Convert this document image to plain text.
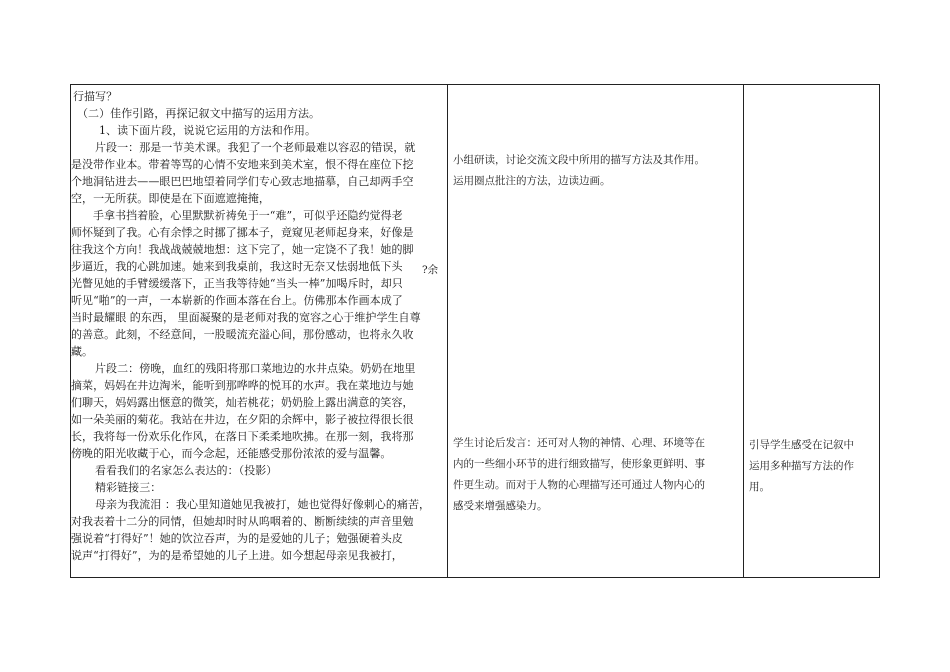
行描写？
（二）佳作引路，再探记叙文中描写的运用方法。
1、读下面片段，说说它运用的方法和作用。
片段一：那是一节美术课。我犯了一个老师最难以容忍的错误，就
是没带作业本。带着等骂的心情不安地来到美术室，恨不得在座位下挖
个地洞钻进去——眼巴巴地望着同学们专心致志地描摹，自己却两手空
空，一无所获。即使是在下面遮遮掩掩，
手拿书挡着脸，心里默默祈祷免于一“难”，可似乎还隐约觉得老
师怀疑到了我。心有余悸之时挪了挪本子，竟窥见老师起身来，好像是
往我这个方向！我战战兢兢地想：这下完了，她一定饶不了我！她的脚
步逼近，我的心跳加速。她来到我桌前，我这时无奈又怯弱地低下头
光瞥见她的手臂缓缓落下，正当我等待她“当头一棒”加喝斥时，却只
听见“啪”的一声，一本崭新的作画本落在台上。仿佛那本作画本成了
当时最耀眼 的东西， 里面凝聚的是老师对我的宽容之心于维护学生自尊
的善意。此刻，不经意间，一股暖流充溢心间，那份感动，也将永久收
藏。
片段二：傍晚，血红的残阳将那口菜地边的水井点染。奶奶在地里
摘菜，妈妈在井边淘米，能听到那哗哗的悦耳的水声。我在菜地边与她
们聊天，妈妈露出惬意的微笑，灿若桃花；奶奶脸上露出满意的笑容，
如一朵美丽的菊花。我站在井边，在夕阳的余辉中，影子被拉得很长很
长，我将每一份欢乐化作风，在落日下柔柔地吹拂。在那一刻，我将那
傍晚的阳光收藏于心，而今念起，还能感受那份浓浓的爱与温馨。
看看我们的名家怎么表达的：（投影）
精彩链接三：
母亲为我流泪 ：我心里知道她见我被打，她也觉得好像刺心的痛苦，
对我表着十二分的同情，但她却时时从呜咽着的、断断续续的声音里勉
强说着“打得好”！她的饮泣吞声，为的是爱她的儿子；勉强硬着头皮
说声“打得好”，为的是希望她的儿子上进。如今想起母亲见我被打，
?余
小组研读，讨论交流文段中所用的描写方法及其作用。
运用圈点批注的方法，边读边画。
学生讨论后发言：还可对人物的神情、心理、环境等在
内的一些细小环节的进行细致描写，使形象更鲜明、事
件更生动。而对于人物的心理描写还可通过人物内心的
感受来增强感染力。
引导学生感受在记叙中
运用多种描写方法的作
用。
